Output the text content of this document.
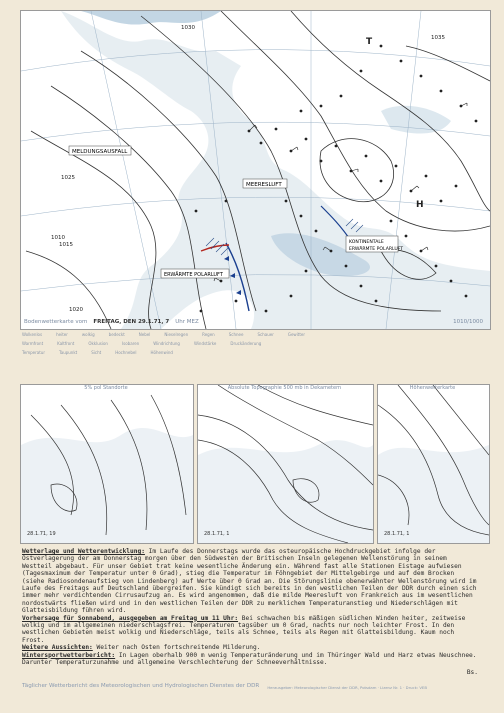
MELDUNGSAUSFALL
MEERESLUFT
ERWÄRMTE POLARLUFT
KONTINENTALE
ERWÄRMTE POLARLUFT
1025
1015
1020
1010
1030
1035
H
T
Bodenwetterkarte vom FREITAG, DEN 29.1.71, 7 Uhr MEZ	1010/1000
Wolkenlos	heiter	wolkig	bedeckt	Nebel	Nieselregen	Regen	Schnee	Schauer	Gewitter
Warmfront	Kaltfront	Okklusion	Isobaren	Windrichtung	Windstärke	Druckänderung
Temperatur	Taupunkt	Sicht	Hochnebel	Höhenwind
28.1.71, 19
5% pol Standorte
28.1.71, 1
Absolute Topographie 500 mb in Dekametern
28.1.71, 1
Höhenwetterkarte

Wetterlage und Wetterentwicklung: Im Laufe des Donnerstags wurde das osteuropäische Hochdruckgebiet infolge der Ostverlagerung der am Donnerstag morgen über den Südwesten der Britischen Inseln gelegenen Wellenstörung in seinem Westteil abgebaut. Für unser Gebiet trat keine wesentliche Änderung ein. Während fast alle Stationen Eistage aufwiesen (Tagesmaximum der Temperatur unter 0 Grad), stieg die Temperatur im Föhngebiet der Mittelgebirge und auf dem Brocken (siehe Radiosondenaufstieg von Lindenberg) auf Werte über 0 Grad an. Die Störungslinie obenerwähnter Wellenstörung wird im Laufe des Freitags auf Deutschland übergreifen. Sie kündigt sich bereits in den westlichen Teilen der DDR durch einen sich immer mehr verdichtenden Cirrusaufzug an. Es wird angenommen, daß die milde Meeresluft von Frankreich aus im wesentlichen nordostwärts fließen wird und in den westlichen Teilen der DDR zu merklichem Temperaturanstieg und Niederschlägen mit Glatteisbildung führen wird.

Vorhersage für Sonnabend, ausgegeben am Freitag um 11 Uhr: Bei schwachen bis mäßigen südlichen Winden heiter, zeitweise wolkig und im allgemeinen niederschlagsfrei. Temperaturen tagsüber um 0 Grad, nachts nur noch leichter Frost. In den westlichen Gebieten meist wolkig und Niederschläge, teils als Schnee, teils als Regen mit Glatteisbildung. Kaum noch Frost.

Weitere Aussichten: Weiter nach Osten fortschreitende Milderung.

Wintersportwetterbericht: In Lagen oberhalb 900 m wenig Temperaturänderung und im Thüringer Wald und Harz etwas Neuschnee. Darunter Temperaturzunahme und allgemeine Verschlechterung der Schneeverhältnisse.

Bs.

Täglicher Wetterbericht des Meteorologischen und Hydrologischen Dienstes der DDR Herausgeber: Meteorologischer Dienst der DDR, Potsdam · Lizenz Nr. 1 · Druck: VEB
